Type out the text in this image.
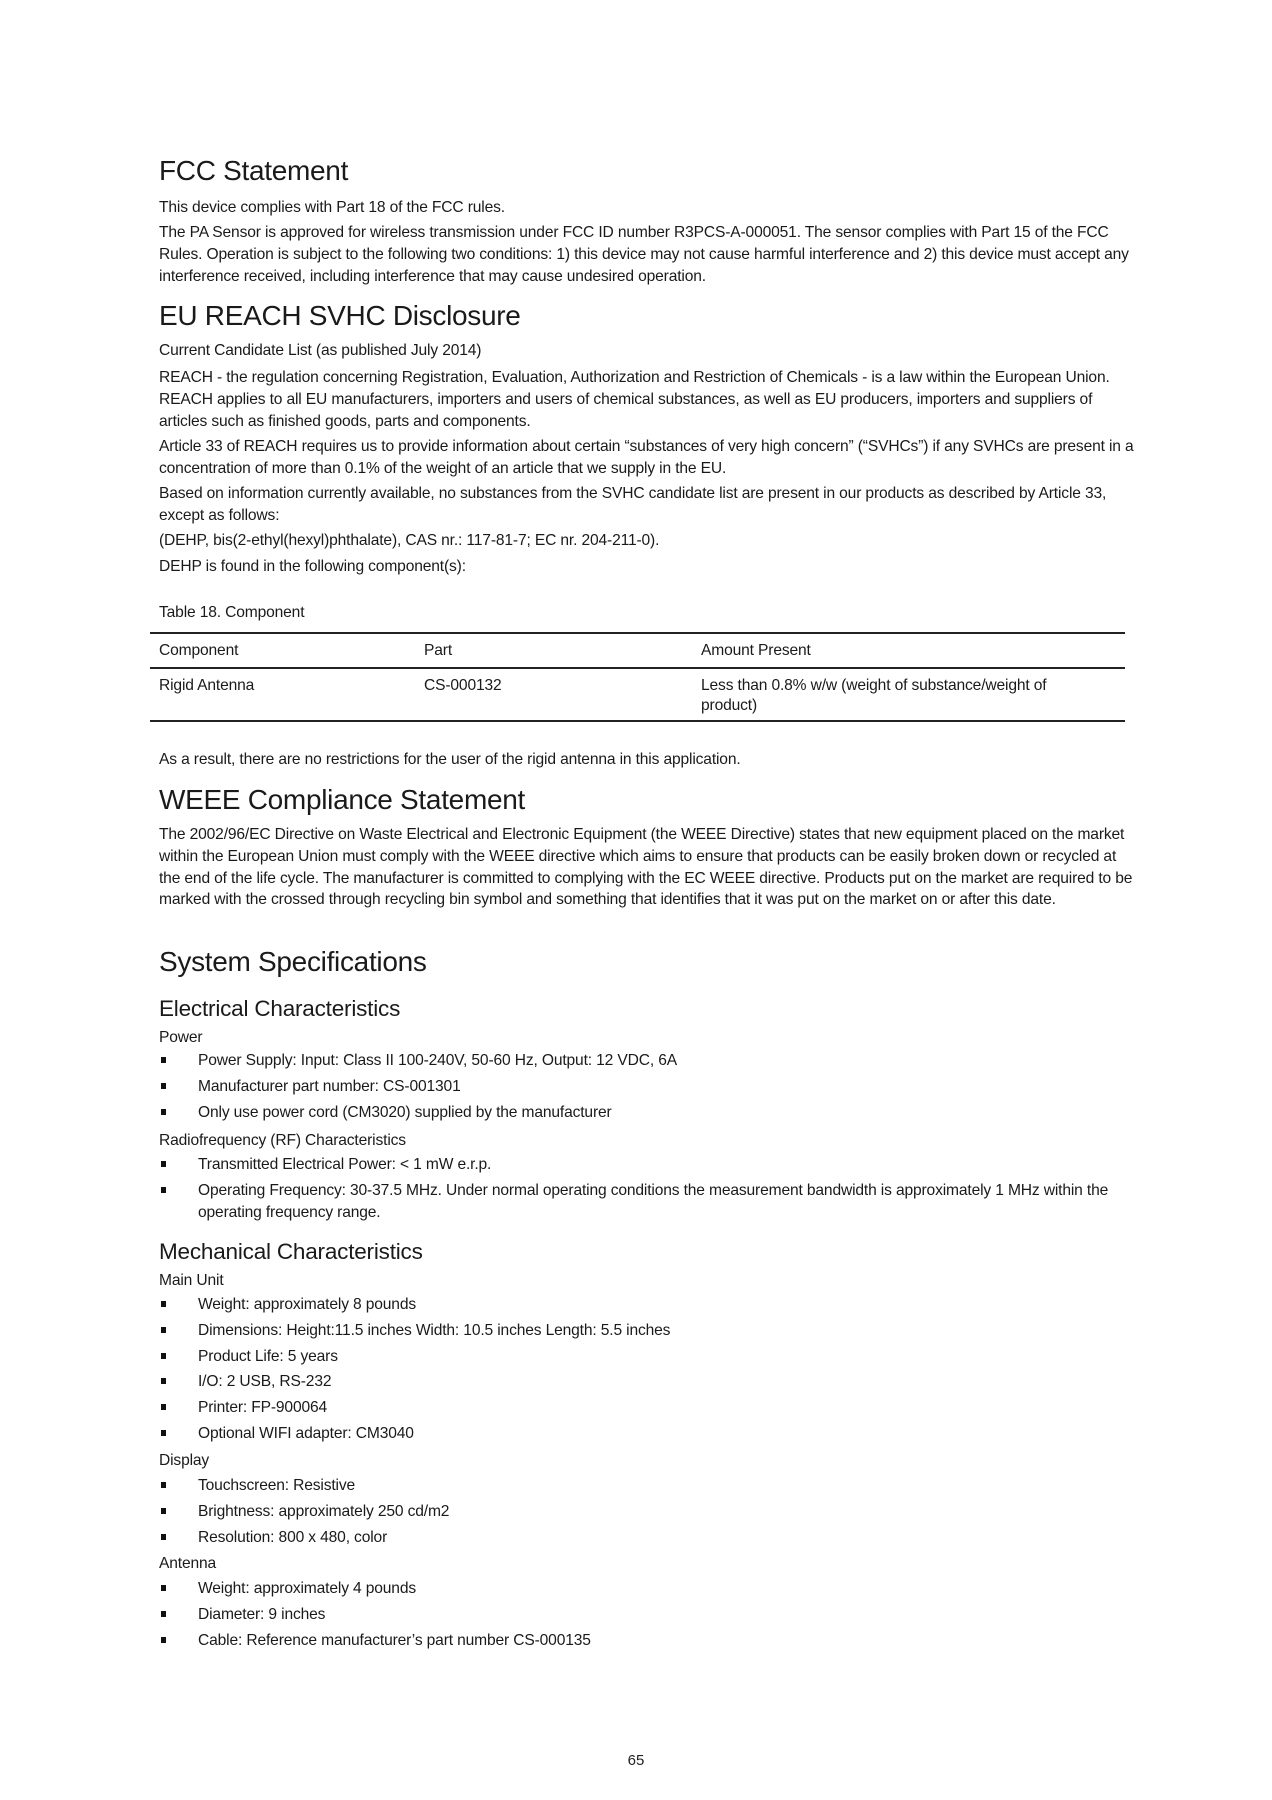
FCC Statement

This device complies with Part 18 of the FCC rules.

The PA Sensor is approved for wireless transmission under FCC ID number R3PCS-A-000051. The sensor complies with Part 15 of the FCC Rules. Operation is subject to the following two conditions: 1) this device may not cause harmful interference and 2) this device must accept any interference received, including interference that may cause undesired operation.

EU REACH SVHC Disclosure

Current Candidate List (as published July 2014)

REACH - the regulation concerning Registration, Evaluation, Authorization and Restriction of Chemicals - is a law within the European Union. REACH applies to all EU manufacturers, importers and users of chemical substances, as well as EU producers, importers and suppliers of articles such as finished goods, parts and components.

Article 33 of REACH requires us to provide information about certain “substances of very high concern” (“SVHCs”) if any SVHCs are present in a concentration of more than 0.1% of the weight of an article that we supply in the EU.

Based on information currently available, no substances from the SVHC candidate list are present in our products as described by Article 33, except as follows:

(DEHP, bis(2-ethyl(hexyl)phthalate), CAS nr.: 117-81-7; EC nr. 204-211-0).

DEHP is found in the following component(s):

Table 18. Component

Component	Part	Amount Present
Rigid Antenna	CS-000132	Less than 0.8% w/w (weight of substance/weight of product)

As a result, there are no restrictions for the user of the rigid antenna in this application.

WEEE Compliance Statement

The 2002/96/EC Directive on Waste Electrical and Electronic Equipment (the WEEE Directive) states that new equipment placed on the market within the European Union must comply with the WEEE directive which aims to ensure that products can be easily broken down or recycled at the end of the life cycle. The manufacturer is committed to complying with the EC WEEE directive. Products put on the market are required to be marked with the crossed through recycling bin symbol and something that identifies that it was put on the market on or after this date.

System Specifications
Electrical Characteristics

Power

Power Supply: Input: Class II 100-240V, 50-60 Hz, Output: 12 VDC, 6A
Manufacturer part number: CS-001301
Only use power cord (CM3020) supplied by the manufacturer

Radiofrequency (RF) Characteristics

Transmitted Electrical Power: < 1 mW e.r.p.
Operating Frequency: 30-37.5 MHz. Under normal operating conditions the measurement bandwidth is approximately 1 MHz within the operating frequency range.
Mechanical Characteristics

Main Unit

Weight: approximately 8 pounds
Dimensions: Height:11.5 inches Width: 10.5 inches Length: 5.5 inches
Product Life: 5 years
I/O: 2 USB, RS-232
Printer: FP-900064
Optional WIFI adapter: CM3040

Display

Touchscreen: Resistive
Brightness: approximately 250 cd/m2
Resolution: 800 x 480, color

Antenna

Weight: approximately 4 pounds
Diameter: 9 inches
Cable: Reference manufacturer’s part number CS-000135
65
